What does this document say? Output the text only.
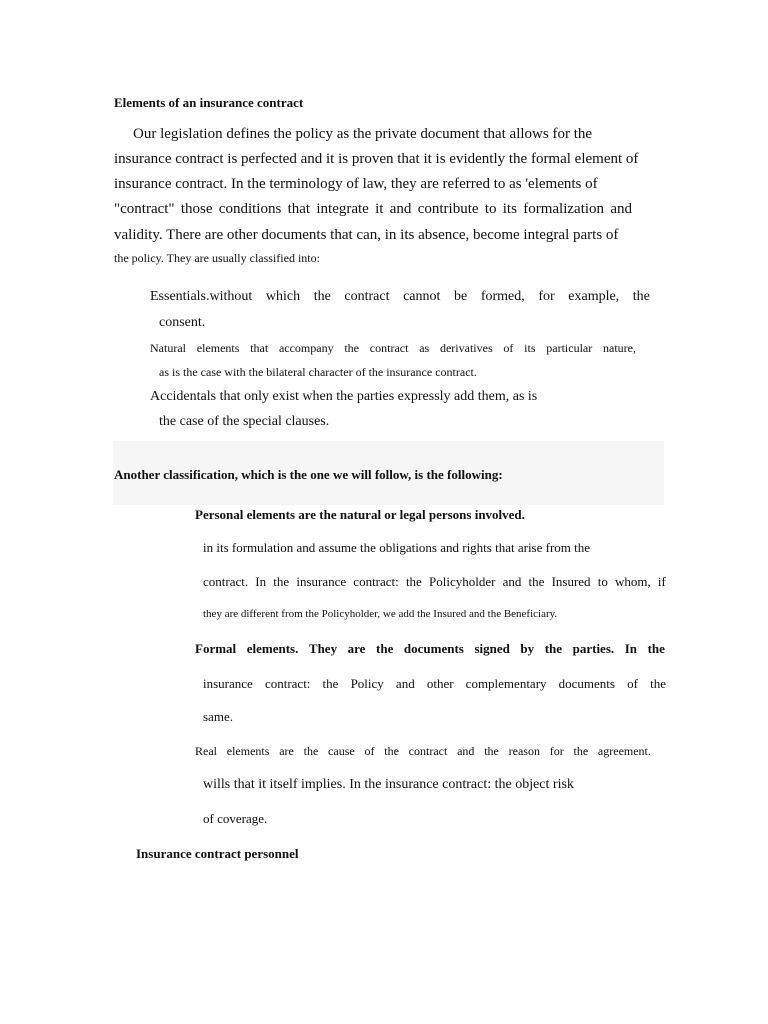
Elements of an insurance contract
Our legislation defines the policy as the private document that allows for the
insurance contract is perfected and it is proven that it is evidently the formal element of
insurance contract. In the terminology of law, they are referred to as 'elements of
"contract" those conditions that integrate it and contribute to its formalization and
validity. There are other documents that can, in its absence, become integral parts of
the policy. They are usually classified into:
Essentials.without which the contract cannot be formed, for example, the
consent.
Natural elements that accompany the contract as derivatives of its particular nature,
as is the case with the bilateral character of the insurance contract.
Accidentals that only exist when the parties expressly add them, as is
the case of the special clauses.
Another classification, which is the one we will follow, is the following:
Personal elements are the natural or legal persons involved.
in its formulation and assume the obligations and rights that arise from the
contract. In the insurance contract: the Policyholder and the Insured to whom, if
they are different from the Policyholder, we add the Insured and the Beneficiary.
Formal elements. They are the documents signed by the parties. In the
insurance contract: the Policy and other complementary documents of the
same.
Real elements are the cause of the contract and the reason for the agreement.
wills that it itself implies. In the insurance contract: the object risk
of coverage.
Insurance contract personnel
